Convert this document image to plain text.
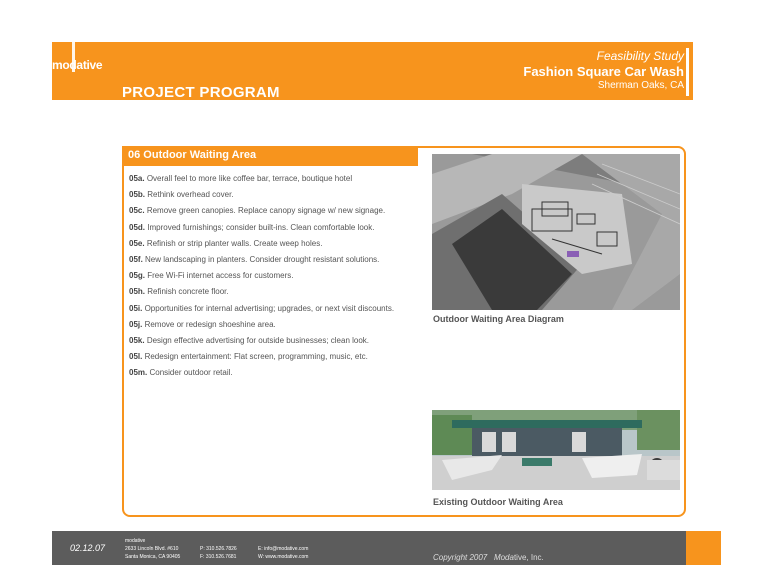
modative
PROJECT PROGRAM
Feasibility Study
Fashion Square Car Wash
Sherman Oaks, CA
06 Outdoor Waiting Area

05a. Overall feel to more like coffee bar, terrace, boutique hotel

05b. Rethink overhead cover.

05c. Remove green canopies. Replace canopy signage w/ new signage.

05d. Improved furnishings; consider built-ins. Clean comfortable look.

05e. Refinish or strip planter walls. Create weep holes.

05f. New landscaping in planters. Consider drought resistant solutions.

05g. Free Wi-Fi internet access for customers.

05h. Refinish concrete floor.

05i. Opportunities for internal advertising; upgrades, or next visit discounts.

05j. Remove or redesign shoeshine area.

05k. Design effective advertising for outside businesses; clean look.

05l. Redesign entertainment: Flat screen, programming, music, etc.

05m. Consider outdoor retail.

Outdoor Waiting Area Diagram
Existing Outdoor Waiting Area
02.12.07
modative
2633 Lincoln Blvd. #610
Santa Monica, CA 90405
P: 310.526.7826
F: 310.526.7681
E: info@modative.com
W: www.modative.com	Copyright 2007 Modative, Inc.
